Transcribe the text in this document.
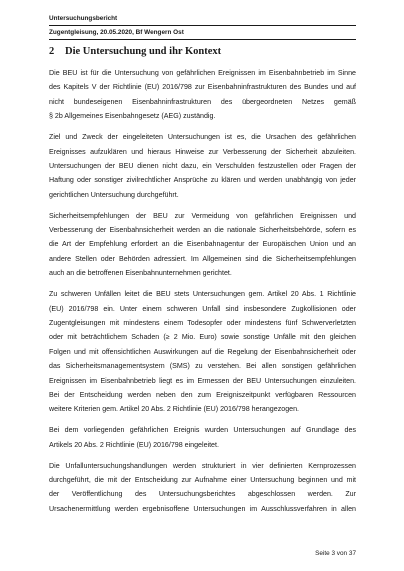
Untersuchungsbericht
Zugentgleisung, 20.05.2020, Bf Wengern Ost
2 Die Untersuchung und ihr Kontext

Die BEU ist für die Untersuchung von gefährlichen Ereignissen im Eisenbahnbetrieb im Sinne
des Kapitels V der Richtlinie (EU) 2016/798 zur Eisenbahninfrastrukturen des Bundes und auf
nicht bundeseigenen Eisenbahninfrastrukturen des übergeordneten Netzes gemäß
§ 2b Allgemeines Eisenbahngesetz (AEG) zuständig.

Ziel und Zweck der eingeleiteten Untersuchungen ist es, die Ursachen des gefährlichen
Ereignisses aufzuklären und hieraus Hinweise zur Verbesserung der Sicherheit abzuleiten.
Untersuchungen der BEU dienen nicht dazu, ein Verschulden festzustellen oder Fragen der
Haftung oder sonstiger zivilrechtlicher Ansprüche zu klären und werden unabhängig von jeder
gerichtlichen Untersuchung durchgeführt.

Sicherheitsempfehlungen der BEU zur Vermeidung von gefährlichen Ereignissen und
Verbesserung der Eisenbahnsicherheit werden an die nationale Sicherheitsbehörde, sofern es
die Art der Empfehlung erfordert an die Eisenbahnagentur der Europäischen Union und an
andere Stellen oder Behörden adressiert. Im Allgemeinen sind die Sicherheitsempfehlungen
auch an die betroffenen Eisenbahnunternehmen gerichtet.

Zu schweren Unfällen leitet die BEU stets Untersuchungen gem. Artikel 20 Abs. 1 Richtlinie
(EU) 2016/798 ein. Unter einem schweren Unfall sind insbesondere Zugkollisionen oder
Zugentgleisungen mit mindestens einem Todesopfer oder mindestens fünf Schwerverletzten
oder mit beträchtlichem Schaden (≥ 2 Mio. Euro) sowie sonstige Unfälle mit den gleichen
Folgen und mit offensichtlichen Auswirkungen auf die Regelung der Eisenbahnsicherheit oder
das Sicherheitsmanagementsystem (SMS) zu verstehen. Bei allen sonstigen gefährlichen
Ereignissen im Eisenbahnbetrieb liegt es im Ermessen der BEU Untersuchungen einzuleiten.
Bei der Entscheidung werden neben den zum Ereigniszeitpunkt verfügbaren Ressourcen
weitere Kriterien gem. Artikel 20 Abs. 2 Richtlinie (EU) 2016/798 herangezogen.

Bei dem vorliegenden gefährlichen Ereignis wurden Untersuchungen auf Grundlage des
Artikels 20 Abs. 2 Richtlinie (EU) 2016/798 eingeleitet.

Die Unfalluntersuchungshandlungen werden strukturiert in vier definierten Kernprozessen
durchgeführt, die mit der Entscheidung zur Aufnahme einer Untersuchung beginnen und mit
der Veröffentlichung des Untersuchungsberichtes abgeschlossen werden. Zur
Ursachenermittlung werden ergebnisoffene Untersuchungen im Ausschlussverfahren in allen

Seite 3 von 37
